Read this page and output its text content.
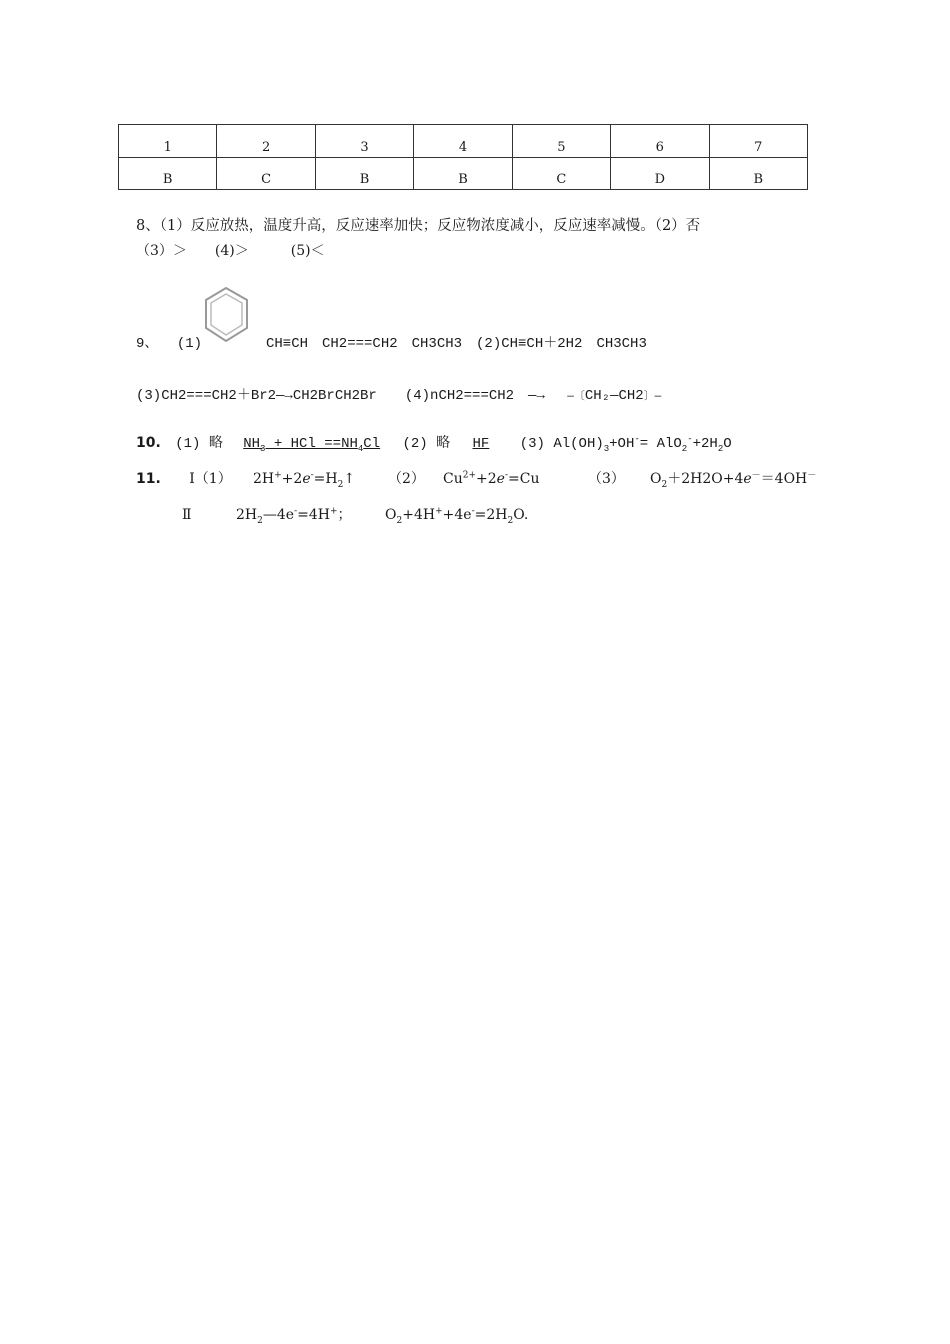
1	2	3	4	5	6	7
B	C	B	B	C	D	B
8、（1）反应放热，温度升高，反应速率加快；反应物浓度减小，反应速率减慢。（2）否
（3）＞　　(4)＞　　　(5)＜
9、 (1)	CH≡CH　CH2===CH2　CH3CH3　(2)CH≡CH＋2H2　CH3CH3
(3)CH2===CH2＋Br2―→CH2BrCH2Br　　(4)nCH2===CH2　―→ —〔CH₂—CH2〕—
10. (1) 略 $NH_3$ + HCl $==NH_4Cl$ (2) 略 HF (3) $Al(OH)_3+OH^-= AlO_2^-+2H_2O$
11. Ⅰ（1） $2H^++2e^-=H_2↑$ （2） $Cu^{2+}+2e^-=Cu$	（3） $O_2+2H2O+4e^-=4OH^-$
Ⅱ	$2H_2—4e^-=4H^+$； $O_2+4H^++4e^-=2H_2O$.
